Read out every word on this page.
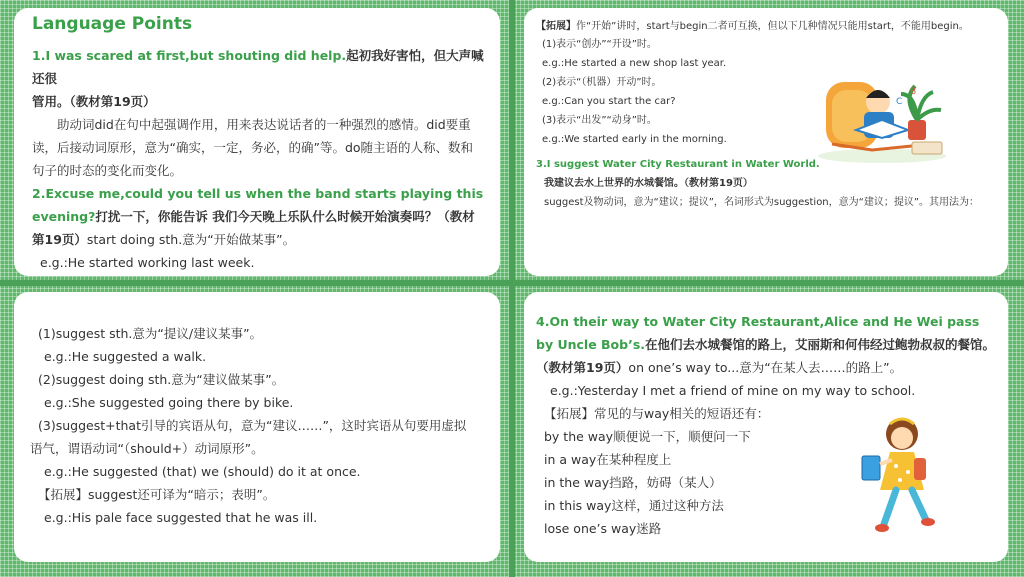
Language Points

1.I was scared at first,but shouting did help.起初我好害怕，但大声喊还很

管用。（教材第19页）

助动词did在句中起强调作用，用来表达说话者的一种强烈的感情。did要重读，后接动词原形，意为“确实，一定，务必，的确”等。do随主语的人称、数和句子的时态的变化而变化。

2.Excuse me,could you tell us when the band starts playing this evening?打扰一下，你能告诉 我们今天晚上乐队什么时候开始演奏吗？（教材第19页）start doing sth.意为“开始做某事”。

e.g.:He started working last week.

【拓展】作“开始”讲时，start与begin二者可互换，但以下几种情况只能用start，不能用begin。

(1)表示“创办”“开设”时。

e.g.:He started a new shop last year.

(2)表示“（机器）开动”时。

e.g.:Can you start the car?

(3)表示“出发”“动身”时。

e.g.:We started early in the morning.

3.I suggest Water City Restaurant in Water World.

我建议去水上世界的水城餐馆。（教材第19页）

suggest及物动词，意为“建议；提议”，名词形式为suggestion，意为“建议；提议”。其用法为：

C
B

(1)suggest sth.意为“提议/建议某事”。

e.g.:He suggested a walk.

(2)suggest doing sth.意为“建议做某事”。

e.g.:She suggested going there by bike.

(3)suggest+that引导的宾语从句，意为“建议……”，这时宾语从句要用虚拟

语气，谓语动词“（should+）动词原形”。

e.g.:He suggested (that) we (should) do it at once.

【拓展】suggest还可译为“暗示；表明”。

e.g.:His pale face suggested that he was ill.

4.On their way to Water City Restaurant,Alice and He Wei pass by Uncle Bob’s.在他们去水城餐馆的路上，艾丽斯和何伟经过鲍勃叔叔的餐馆。（教材第19页）on one’s way to...意为“在某人去……的路上”。

e.g.:Yesterday I met a friend of mine on my way to school.

【拓展】常见的与way相关的短语还有：

by the way顺便说一下，顺便问一下

in a way在某种程度上

in the way挡路，妨碍（某人）

in this way这样，通过这种方法

lose one’s way迷路
